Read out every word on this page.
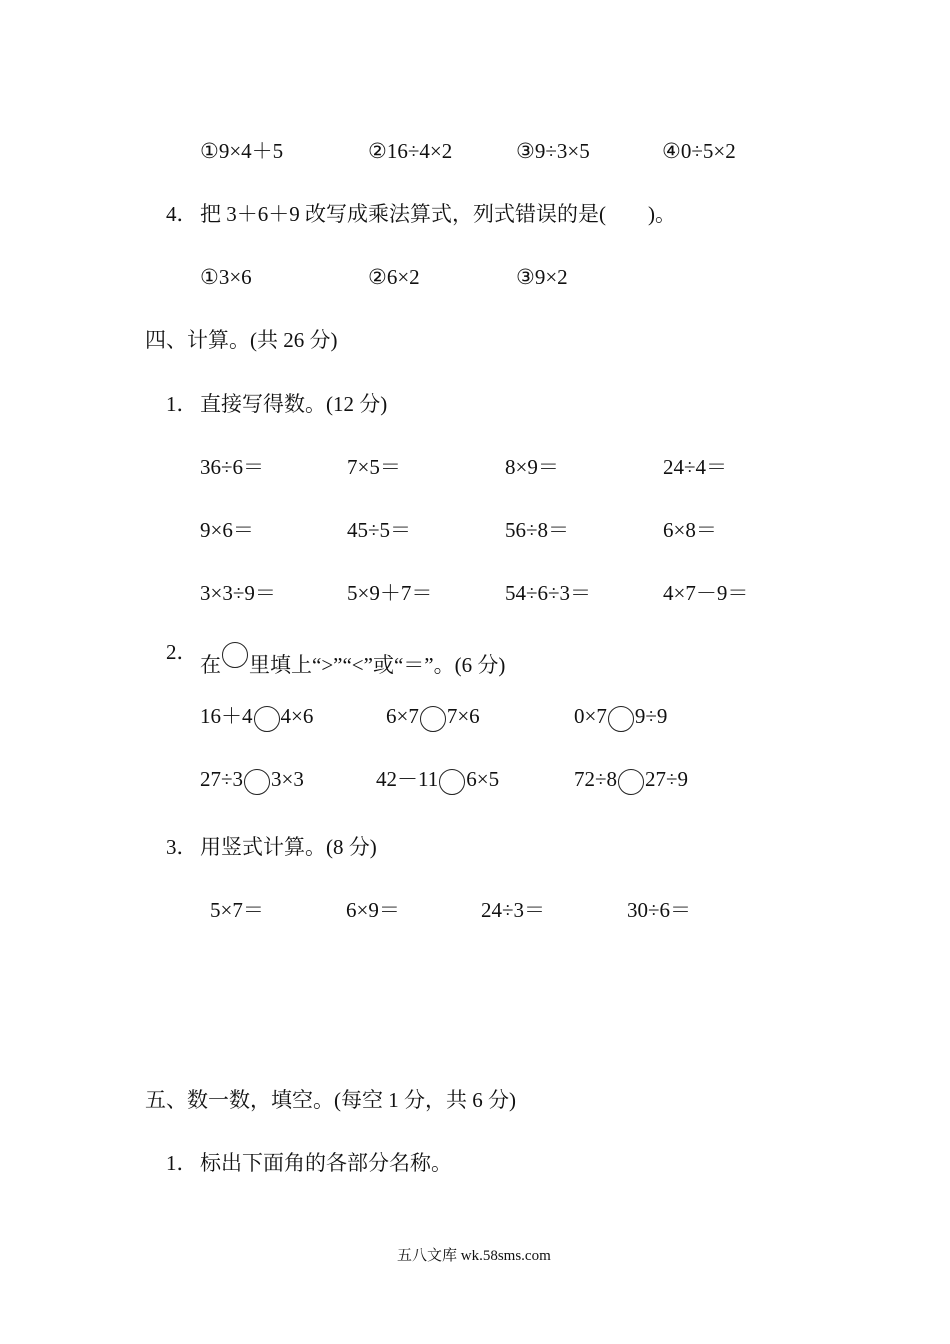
①9×4＋5	②16÷4×2	③9÷3×5	④0÷5×2
4． 把 3＋6＋9 改写成乘法算式，列式错误的是(　　)。
①3×6	②6×2	③9×2
四、计算。(共 26 分)
1． 直接写得数。(12 分)
36÷6＝	7×5＝	8×9＝	24÷4＝
9×6＝	45÷5＝	56÷8＝	6×8＝
3×3÷9＝	5×9＋7＝	54÷6÷3＝	4×7－9＝
2．
在 里填上“>”“<”或“＝”。(6 分)
16＋4 4×6	6×7 7×6	0×7 9÷9
27÷3 3×3	42－11 6×5	72÷8 27÷9
3． 用竖式计算。(8 分)
5×7＝	6×9＝	24÷3＝	30÷6＝
五、数一数，填空。(每空 1 分，共 6 分)
1． 标出下面角的各部分名称。
五八文库 wk.58sms.com
